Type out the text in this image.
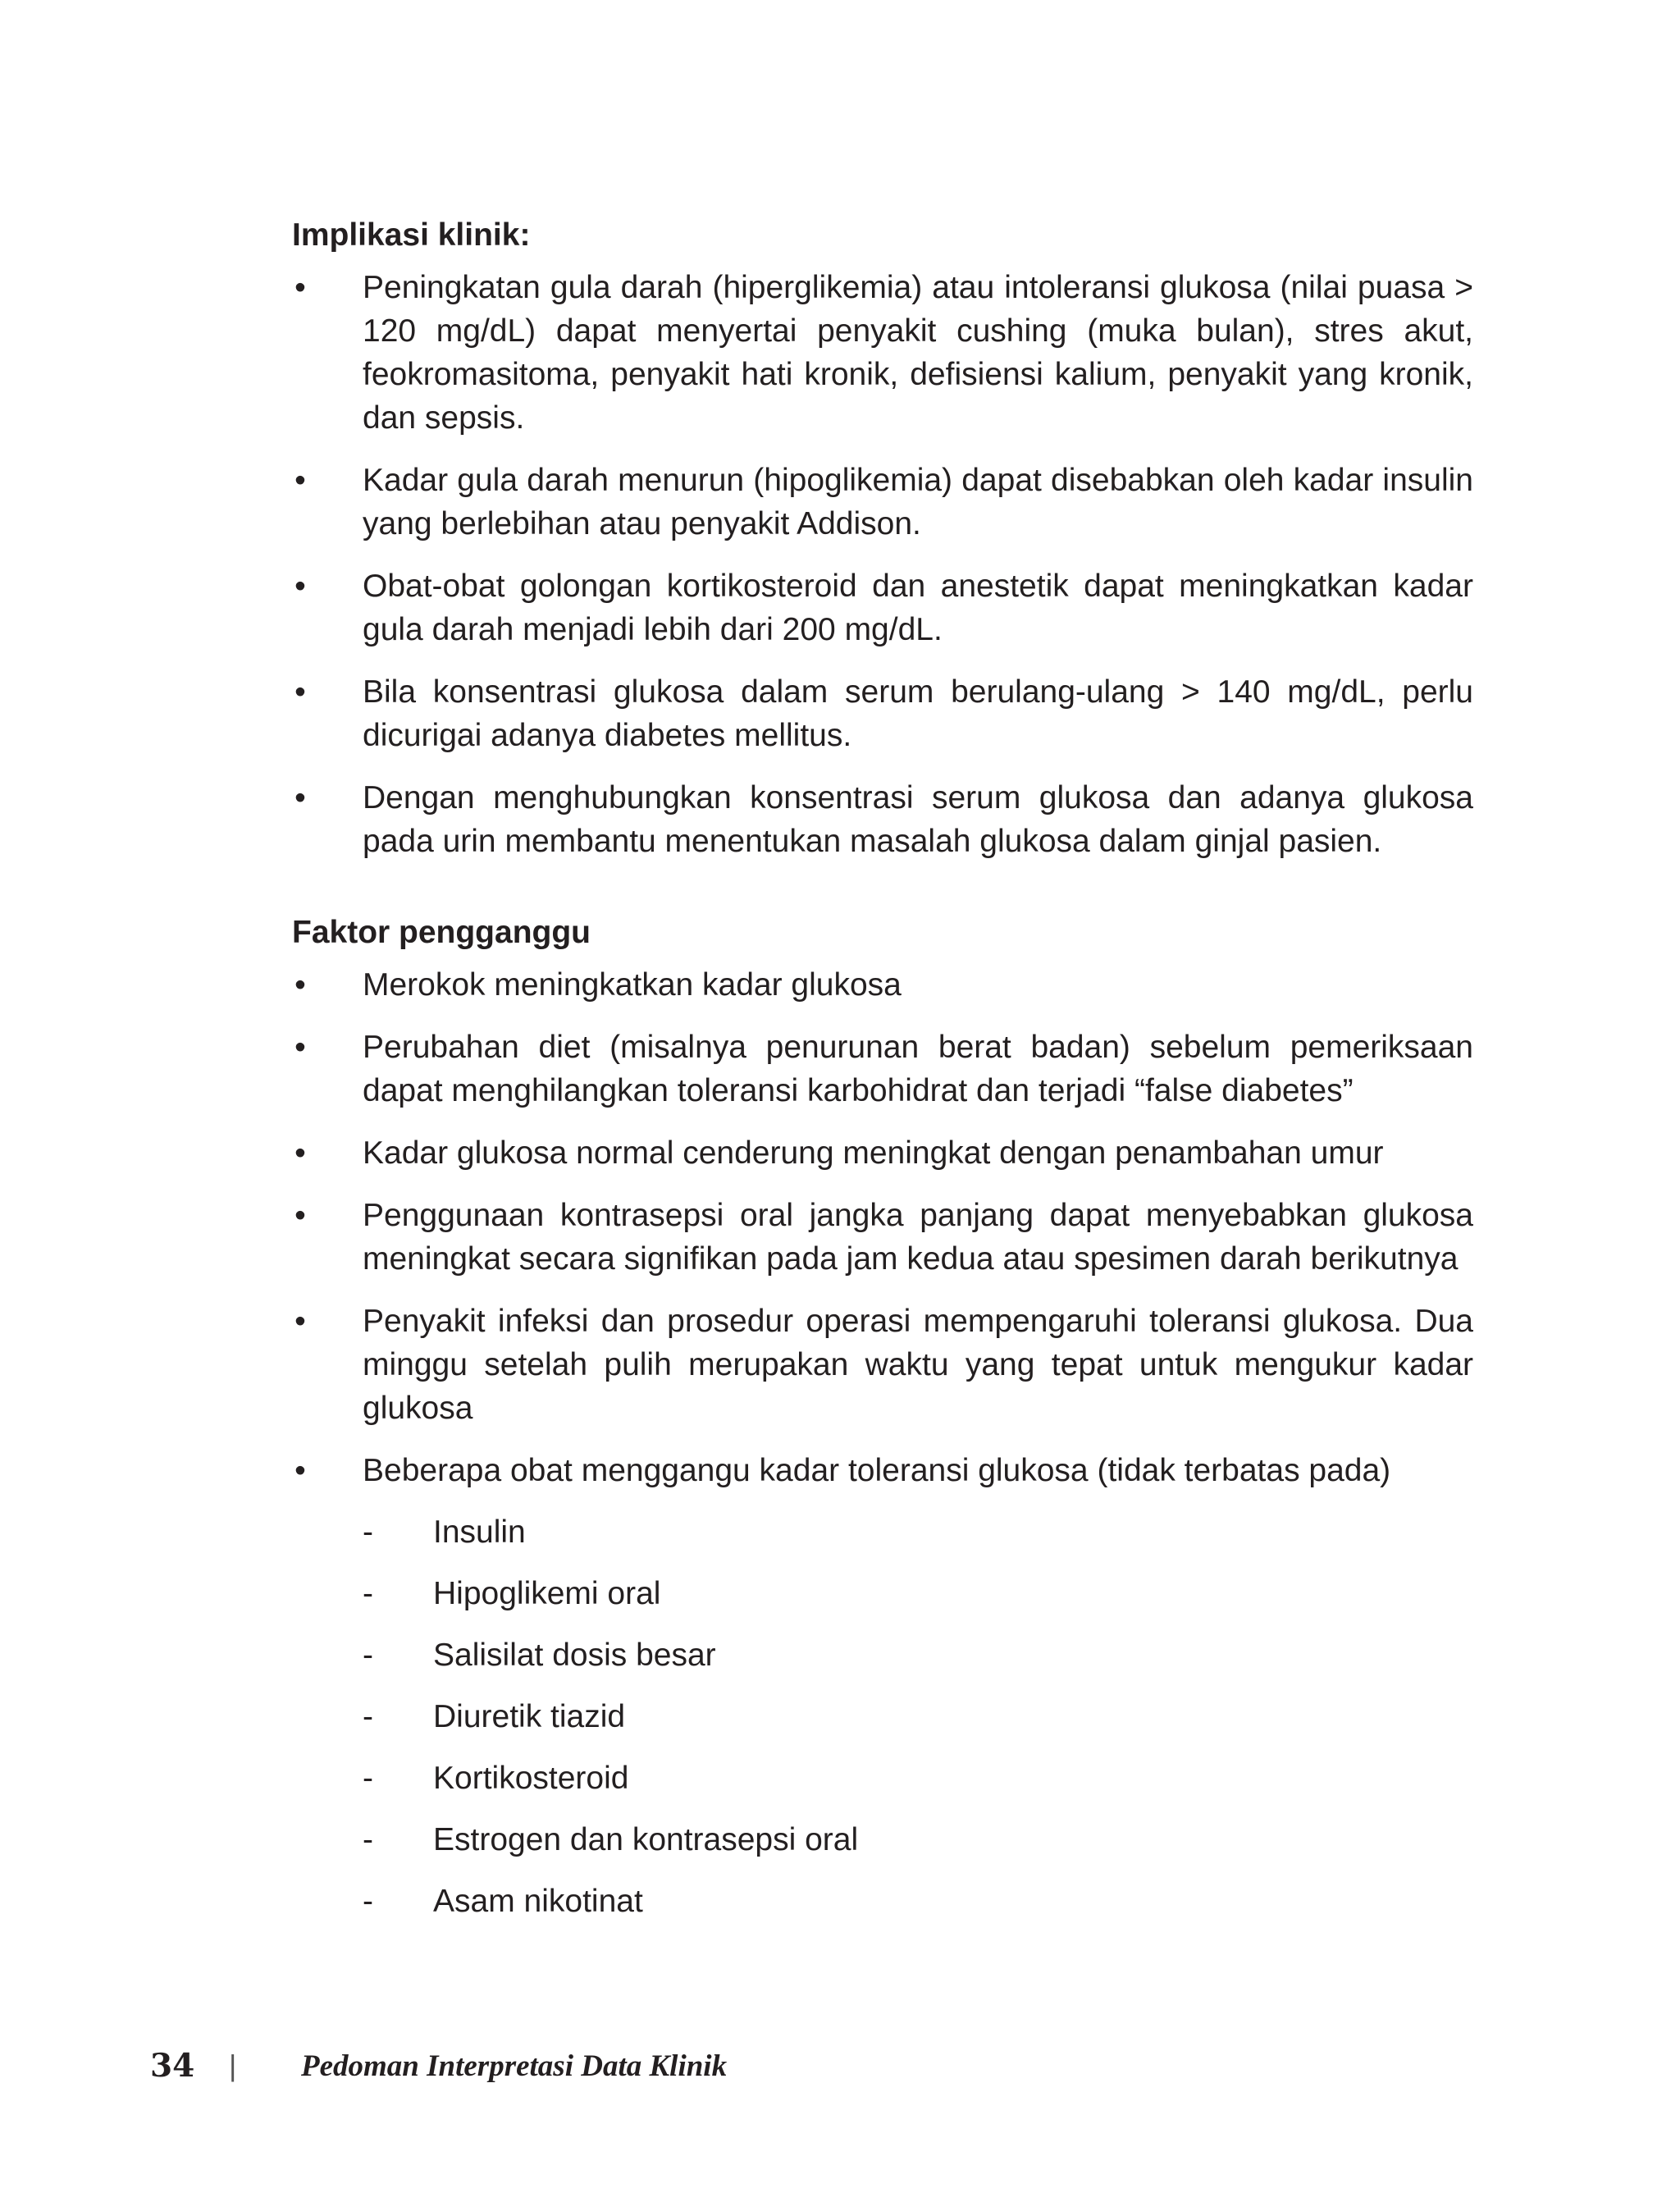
Implikasi klinik:
• Peningkatan gula darah (hiperglikemia) atau intoleransi glukosa (nilai puasa > 120 mg/dL) dapat menyertai penyakit cushing (muka bulan), stres akut, feokromasitoma, penyakit hati kronik, defisiensi kalium, penyakit yang kronik, dan sepsis.
• Kadar gula darah menurun (hipoglikemia) dapat disebabkan oleh kadar insulin yang berlebihan atau penyakit Addison.
• Obat-obat golongan kortikosteroid dan anestetik dapat meningkatkan kadar gula darah menjadi lebih dari 200 mg/dL.
• Bila konsentrasi glukosa dalam serum berulang-ulang > 140 mg/dL, perlu dicurigai adanya diabetes mellitus.
• Dengan menghubungkan konsentrasi serum glukosa dan adanya glukosa pada urin membantu menentukan masalah glukosa dalam ginjal pasien.
Faktor pengganggu
• Merokok meningkatkan kadar glukosa
• Perubahan diet (misalnya penurunan berat badan) sebelum pemeriksaan dapat menghilangkan toleransi karbohidrat dan terjadi “false diabetes”
• Kadar glukosa normal cenderung meningkat dengan penambahan umur
• Penggunaan kontrasepsi oral jangka panjang dapat menyebabkan glukosa meningkat secara signifikan pada jam kedua atau spesimen darah berikutnya
• Penyakit infeksi dan prosedur operasi mempengaruhi toleransi glukosa. Dua minggu setelah pulih merupakan waktu yang tepat untuk mengukur kadar glukosa
• Beberapa obat menggangu kadar toleransi glukosa (tidak terbatas pada)
- Insulin
- Hipoglikemi oral
- Salisilat dosis besar
- Diuretik tiazid
- Kortikosteroid
- Estrogen dan kontrasepsi oral
- Asam nikotinat
34	|	Pedoman Interpretasi Data Klinik
